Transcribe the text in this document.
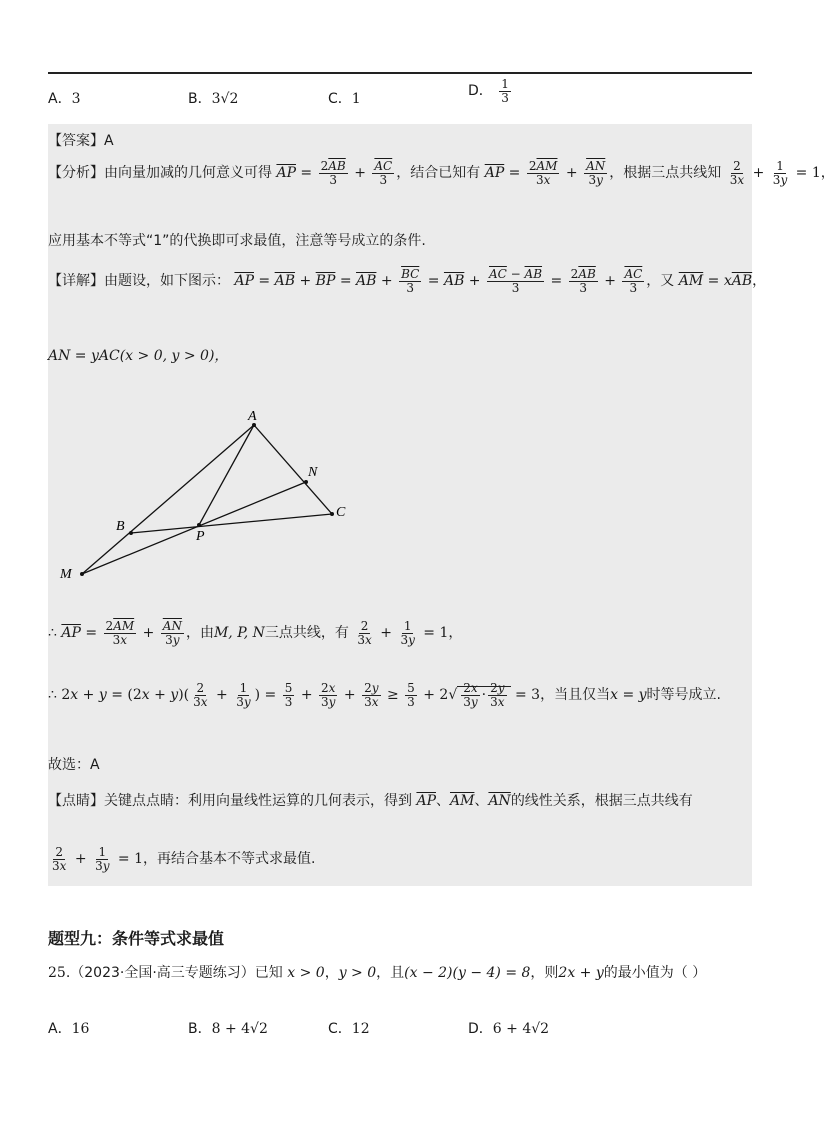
A．3	B．3√2	C．1	D． $\frac{1}{3}$
【答案】A
【分析】由向量加减的几何意义可得 $\overline{AP} = \frac{2\overline{AB}}{3} + \frac{\overline{AC}}{3}$ ，结合已知有 $\overline{AP} = \frac{2\overline{AM}}{3x} + \frac{\overline{AN}}{3y}$ ，根据三点共线知 $\frac{2}{3x} + \frac{1}{3y} = 1$，
应用基本不等式“1”的代换即可求最值，注意等号成立的条件.
【详解】由题设，如下图示： $\overline{AP} = \overline{AB} + \overline{BP} = \overline{AB} + \frac{\overline{BC}}{3} = \overline{AB} + \frac{\overline{AC} - \overline{AB}}{3} = \frac{2\overline{AB}}{3} + \frac{\overline{AC}}{3}$ ，又 $\overline{AM} = x\overline{AB}$，
AN = yAC(x > 0, y > 0)，
A
B
C
M
N
P
∴ $\overline{AP} = \frac{2\overline{AM}}{3x} + \frac{\overline{AN}}{3y}$ ，由M, P, N三点共线，有 $\frac{2}{3x} + \frac{1}{3y} = 1$，
∴ $2x + y = (2x + y)( \frac{2}{3x} + \frac{1}{3y}$ ) = $\frac{5}{3} + \frac{2x}{3y} + \frac{2y}{3x} \ge \frac{5}{3} + 2√ \frac{2x}{3y} \cdot \frac{2y}{3x} = 3$，当且仅当x = y时等号成立.
故选：A
【点睛】关键点点睛：利用向量线性运算的几何表示，得到 $\overline{AP}$、$\overline{AM}$、$\overline{AN}$的线性关系，根据三点共线有
$\frac{2}{3x} + \frac{1}{3y} = 1$，再结合基本不等式求最值.
题型九：条件等式求最值
25.（2023·全国·高三专题练习）已知 x > 0，y > 0，且(x − 2)(y − 4) = 8，则2x + y的最小值为（ ）
A．16	B．8 + 4√2	C．12	D．6 + 4√2
